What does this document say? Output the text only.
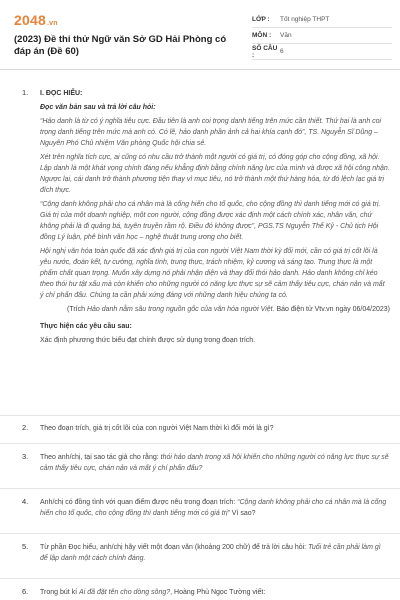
2048.vn
(2023) Đề thi thử Ngữ văn Sở GD Hải Phòng có đáp án (Đề 60)
LỚP :	Tốt nghiệp THPT
MÔN :	Văn
SỐ CÂU :	6
1. I. ĐỌC HIỂU:
Đọc văn bản sau và trả lời câu hỏi:
“Hảo danh là từ có ý nghĩa tiêu cực. Đầu tiên là anh coi trọng danh tiếng trên mức cần thiết. Thứ hai là anh coi trọng danh tiếng trên mức mà anh có. Có lẽ, hảo danh phần ảnh cả hai khía cạnh đó”, TS. Nguyễn Sĩ Dũng – Nguyên Phó Chủ nhiệm Văn phòng Quốc hội chia sẻ.
Xét trên nghĩa tích cực, ai cũng có nhu cầu trở thành một người có giá trị, có đóng góp cho cộng đồng, xã hội. Lập danh là một khát vọng chính đáng nếu khẳng định bằng chính năng lực của mình và được xã hội công nhận. Ngược lại, cái danh trở thành phương tiện thay vì mục tiêu, nó trở thành một thứ hàng hóa, từ đó lệch lạc giá trị đích thực.
“Cộng danh không phải cho cá nhân mà là cống hiến cho tổ quốc, cho cộng đồng thì danh tiếng mới có giá trị. Giá trị của một doanh nghiệp, một con người, cộng đồng được xác định một cách chính xác, nhân văn, chứ không phải là đi quảng bá, tuyên truyền rầm rộ. Điều đó không được”, PGS.TS Nguyễn Thế Kỷ - Chủ tịch Hội đồng Lý luận, phê bình văn học – nghệ thuật trung ương cho biết.
Hội nghị văn hóa toàn quốc đã xác định giá trị của con người Việt Nam thời kỳ đổi mới, cần có giá trị cốt lõi là yêu nước, đoàn kết, tự cường, nghĩa tình, trung thực, trách nhiệm, kỷ cương và sáng tạo. Trung thực là một phẩm chất quan trọng. Muốn xây dựng nó phải nhận diện và thay đổi thói hảo danh. Hảo danh không chỉ kéo theo thói hư tật xấu mà còn khiến cho những người có năng lực thực sự sẽ cảm thấy tiêu cực, chán nản và mất ý chí phấn đấu. Chúng ta cần phải xứng đáng với những danh hiệu chúng ta có.
(Trích Hảo danh nằm sâu trong nguồn gốc của văn hóa người Việt. Báo điện tử Vtv.vn ngày 06/04/2023)
Thực hiện các yêu cầu sau:
Xác định phương thức biểu đạt chính được sử dụng trong đoạn trích.
2. Theo đoạn trích, giá trị cốt lõi của con người Việt Nam thời kì đổi mới là gì?
3. Theo anh/chị, tại sao tác giả cho rằng: thói hảo danh trong xã hội khiến cho những người có năng lực thực sự sẽ cảm thấy tiêu cực, chán nản và mất ý chí phấn đấu?
4. Anh/chị có đồng tình với quan điểm được nêu trong đoạn trích: “Cộng danh không phải cho cá nhân mà là cống hiến cho tổ quốc, cho cộng đồng thì danh tiếng mới có giá trị” Vì sao?
5. Từ phần Đọc hiểu, anh/chị hãy viết một đoạn văn (khoảng 200 chữ) để trả lời câu hỏi: Tuổi trẻ cần phải làm gì để lập danh một cách chính đáng.
6. Trong bút kí Ai đã đặt tên cho dòng sông?, Hoàng Phủ Ngọc Tường viết:
